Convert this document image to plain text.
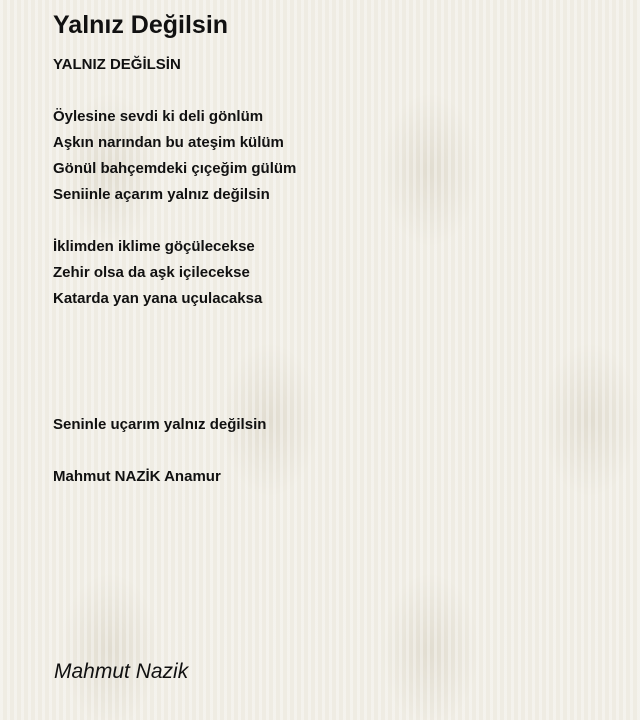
Yalnız Değilsin

YALNIZ DEĞİLSİN

Öylesine sevdi ki deli gönlüm

Aşkın narından bu ateşim külüm

Gönül bahçemdeki çıçeğim gülüm

Seniinle açarım yalnız değilsin

İklimden iklime göçülecekse

Zehir olsa da aşk içilecekse

Katarda yan yana uçulacaksa

Seninle uçarım yalnız değilsin

Mahmut NAZİK Anamur

Mahmut Nazik
